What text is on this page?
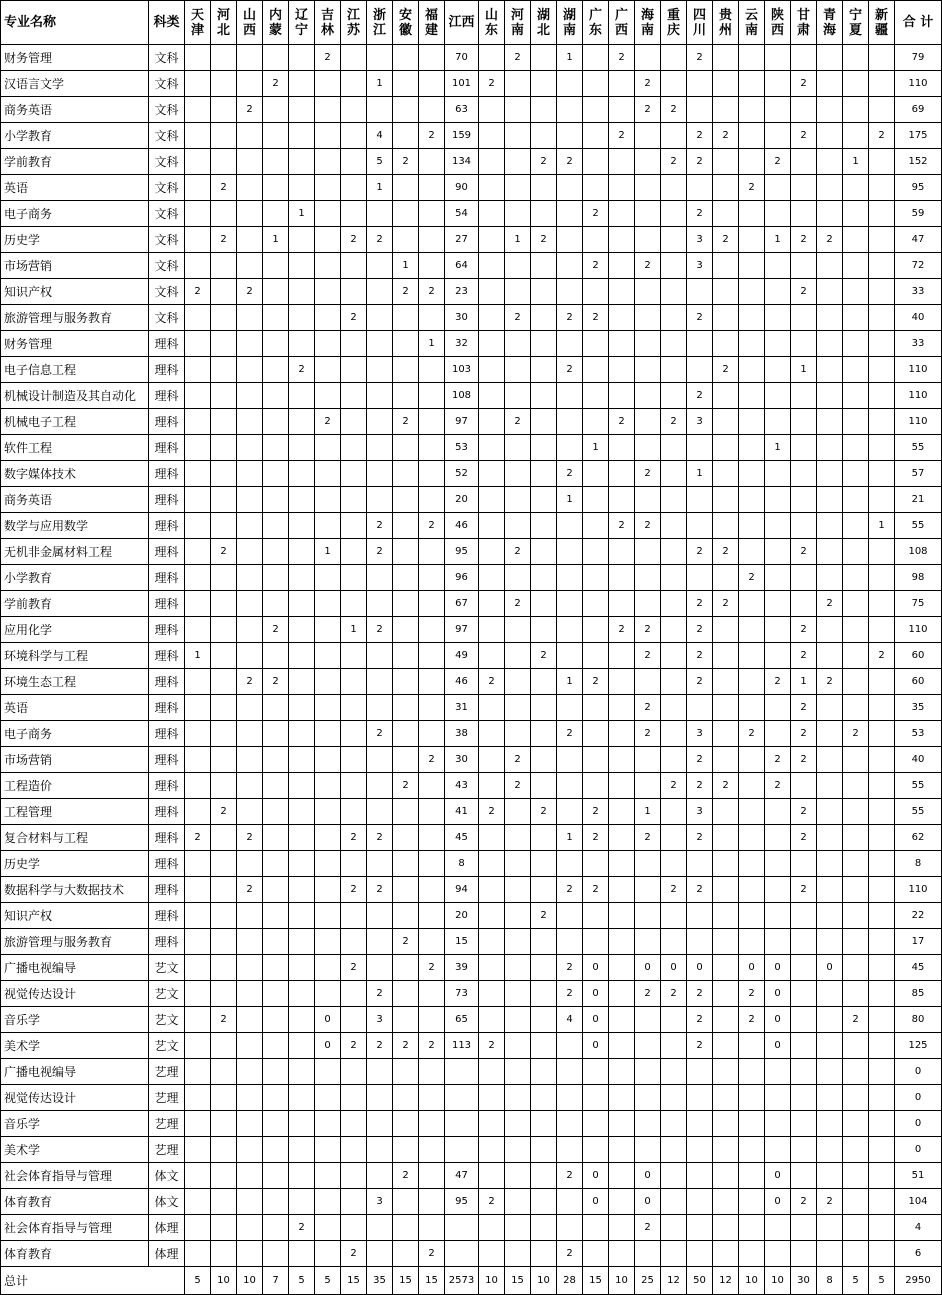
专业名称	科类	天津	河北	山西	内蒙	辽宁	吉林	江苏	浙江	安徽	福建	江西	山东	河南	湖北	湖南	广东	广西	海南	重庆	四川	贵州	云南	陕西	甘肃	青海	宁夏	新疆	合 计
财务管理	文科						2					70		2		1		2			2								79
汉语言文学	文科				2				1			101	2						2						2				110
商务英语	文科			2								63							2	2									69
小学教育	文科								4		2	159						2			2	2			2			2	175
学前教育	文科								5	2		134			2	2				2	2			2			1		152
英语	文科		2						1			90											2						95
电子商务	文科					1						54					2				2								59
历史学	文科		2		1			2	2			27		1	2						3	2		1	2	2			47
市场营销	文科									1		64					2		2		3								72
知识产权	文科	2		2						2	2	23													2				33
旅游管理与服务教育	文科							2				30		2		2	2				2								40
财务管理	理科										1	32																	33
电子信息工程	理科					2						103				2						2			1				110
机械设计制造及其自动化	理科											108									2								110
机械电子工程	理科						2			2		97		2				2		2	3								110
软件工程	理科											53					1							1					55
数字媒体技术	理科											52				2			2		1								57
商务英语	理科											20				1													21
数学与应用数学	理科								2		2	46						2	2									1	55
无机非金属材料工程	理科		2				1		2			95		2							2	2			2				108
小学教育	理科											96											2						98
学前教育	理科											67		2							2	2				2			75
应用化学	理科				2			1	2			97						2	2		2				2				110
环境科学与工程	理科	1										49			2				2		2				2			2	60
环境生态工程	理科			2	2							46	2			1	2				2			2	1	2			60
英语	理科											31							2						2				35
电子商务	理科								2			38				2			2		3		2		2		2		53
市场营销	理科										2	30		2							2			2	2				40
工程造价	理科									2		43		2						2	2	2		2					55
工程管理	理科		2									41	2		2		2		1		3				2				55
复合材料与工程	理科	2		2				2	2			45				1	2		2		2				2				62
历史学	理科											8																	8
数据科学与大数据技术	理科			2				2	2			94				2	2			2	2				2				110
知识产权	理科											20			2														22
旅游管理与服务教育	理科									2		15																	17
广播电视编导	艺文							2			2	39				2	0		0	0	0		0	0		0			45
视觉传达设计	艺文								2			73				2	0		2	2	2		2	0					85
音乐学	艺文		2				0		3			65				4	0				2		2	0			2		80
美术学	艺文						0	2	2	2	2	113	2				0				2			0					125
广播电视编导	艺理																												0
视觉传达设计	艺理																												0
音乐学	艺理																												0
美术学	艺理																												0
社会体育指导与管理	体文									2		47				2	0		0					0					51
体育教育	体文								3			95	2				0		0					0	2	2			104
社会体育指导与管理	体理					2													2										4
体育教育	体理							2			2					2													6
总计		5	10	10	7	5	5	15	35	15	15	2573	10	15	10	28	15	10	25	12	50	12	10	10	30	8	5	5	2950
